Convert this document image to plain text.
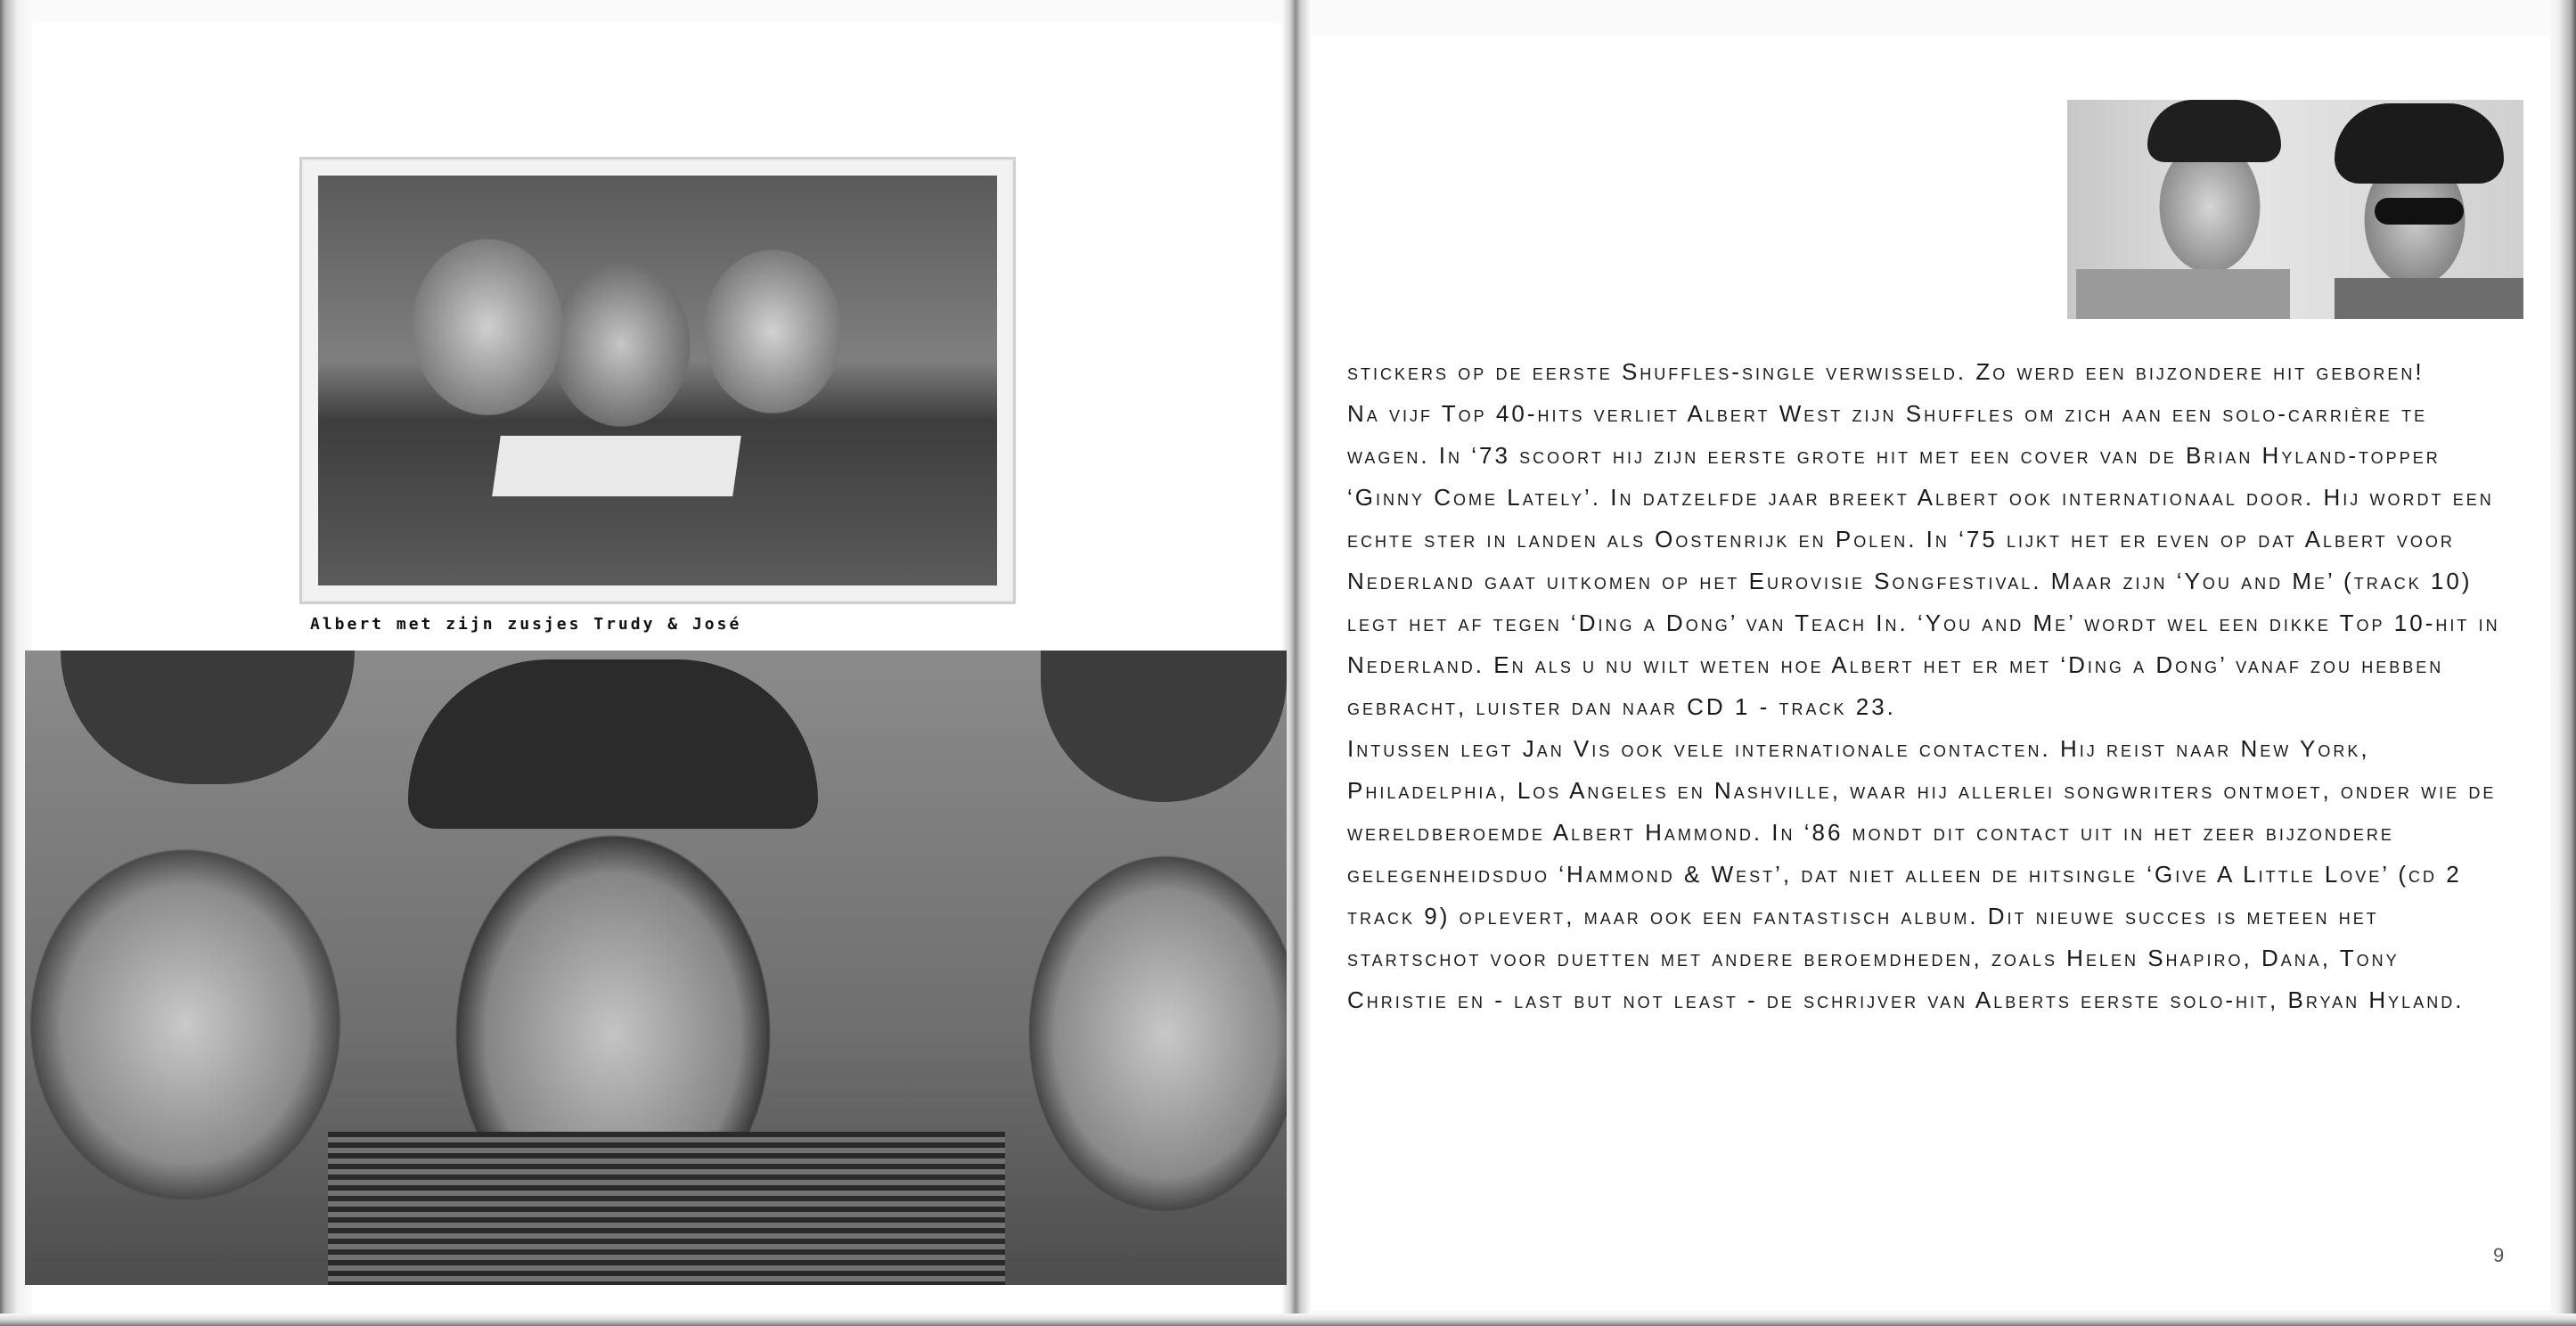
Albert met zijn zusjes Trudy & José

stickers op de eerste Shuffles-single verwisseld. Zo werd een bijzondere hit geboren!

Na vijf Top 40-hits verliet Albert West zijn Shuffles om zich aan een solo-carrière te wagen. In ‘73 scoort hij zijn eerste grote hit met een cover van de Brian Hyland-topper ‘Ginny Come Lately’. In datzelfde jaar breekt Albert ook internationaal door. Hij wordt een echte ster in landen als Oostenrijk en Polen. In ‘75 lijkt het er even op dat Albert voor Nederland gaat uitkomen op het Eurovisie Songfestival. Maar zijn ‘You and Me’ (track 10) legt het af tegen ‘Ding a Dong’ van Teach In. ‘You and Me’ wordt wel een dikke Top 10-hit in Nederland. En als u nu wilt weten hoe Albert het er met ‘Ding a Dong’ vanaf zou hebben gebracht, luister dan naar CD 1 - track 23.

Intussen legt Jan Vis ook vele internationale contacten. Hij reist naar New York, Philadelphia, Los Angeles en Nashville, waar hij allerlei songwriters ontmoet, onder wie de wereldberoemde Albert Hammond. In ‘86 mondt dit contact uit in het zeer bijzondere gelegenheidsduo ‘Hammond & West’, dat niet alleen de hitsingle ‘Give A Little Love’ (cd 2 track 9) oplevert, maar ook een fantastisch album. Dit nieuwe succes is meteen het startschot voor duetten met andere beroemdheden, zoals Helen Shapiro, Dana, Tony Christie en - last but not least - de schrijver van Alberts eerste solo-hit, Bryan Hyland.

9
